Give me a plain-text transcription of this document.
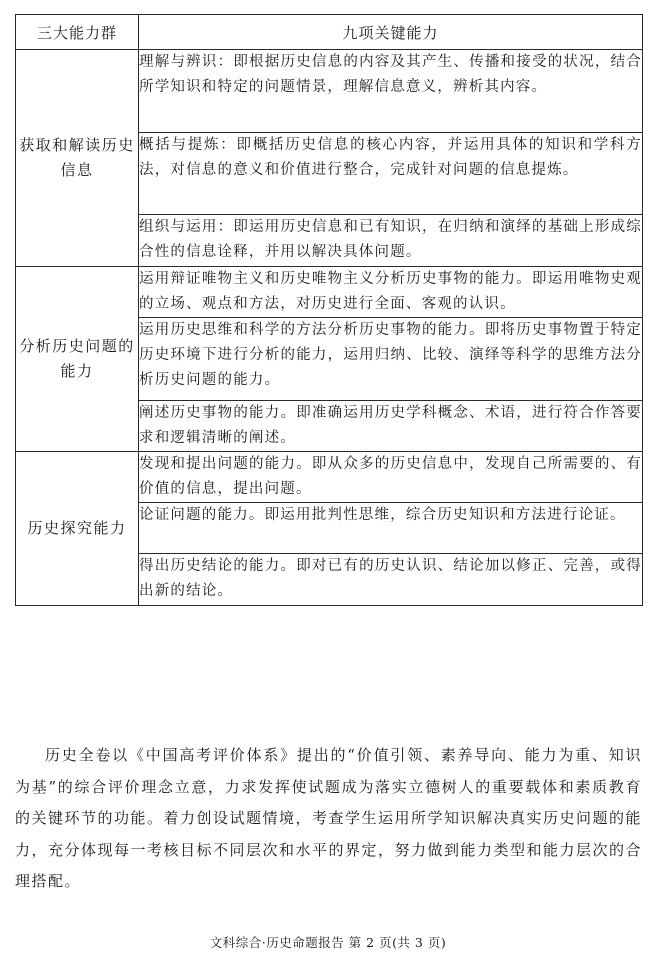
三大能力群	九项关键能力
获取和解读历史信息	理解与辨识：即根据历史信息的内容及其产生、传播和接受的状况，结合所学知识和特定的问题情景，理解信息意义，辨析其内容。
	概括与提炼：即概括历史信息的核心内容，并运用具体的知识和学科方法，对信息的意义和价值进行整合，完成针对问题的信息提炼。
	组织与运用：即运用历史信息和已有知识，在归纳和演绎的基础上形成综合性的信息诠释，并用以解决具体问题。
分析历史问题的能力	运用辩证唯物主义和历史唯物主义分析历史事物的能力。即运用唯物史观的立场、观点和方法，对历史进行全面、客观的认识。
	运用历史思维和科学的方法分析历史事物的能力。即将历史事物置于特定历史环境下进行分析的能力，运用归纳、比较、演绎等科学的思维方法分析历史问题的能力。
	阐述历史事物的能力。即准确运用历史学科概念、术语，进行符合作答要求和逻辑清晰的阐述。
历史探究能力	发现和提出问题的能力。即从众多的历史信息中，发现自己所需要的、有价值的信息，提出问题。
	论证问题的能力。即运用批判性思维，综合历史知识和方法进行论证。
	得出历史结论的能力。即对已有的历史认识、结论加以修正、完善，或得出新的结论。

历史全卷以《中国高考评价体系》提出的“价值引领、素养导向、能力为重、知识为基”的综合评价理念立意，力求发挥使试题成为落实立德树人的重要载体和素质教育的关键环节的功能。着力创设试题情境，考查学生运用所学知识解决真实历史问题的能力，充分体现每一考核目标不同层次和水平的界定，努力做到能力类型和能力层次的合理搭配。

文科综合·历史命题报告 第 2 页(共 3 页)
